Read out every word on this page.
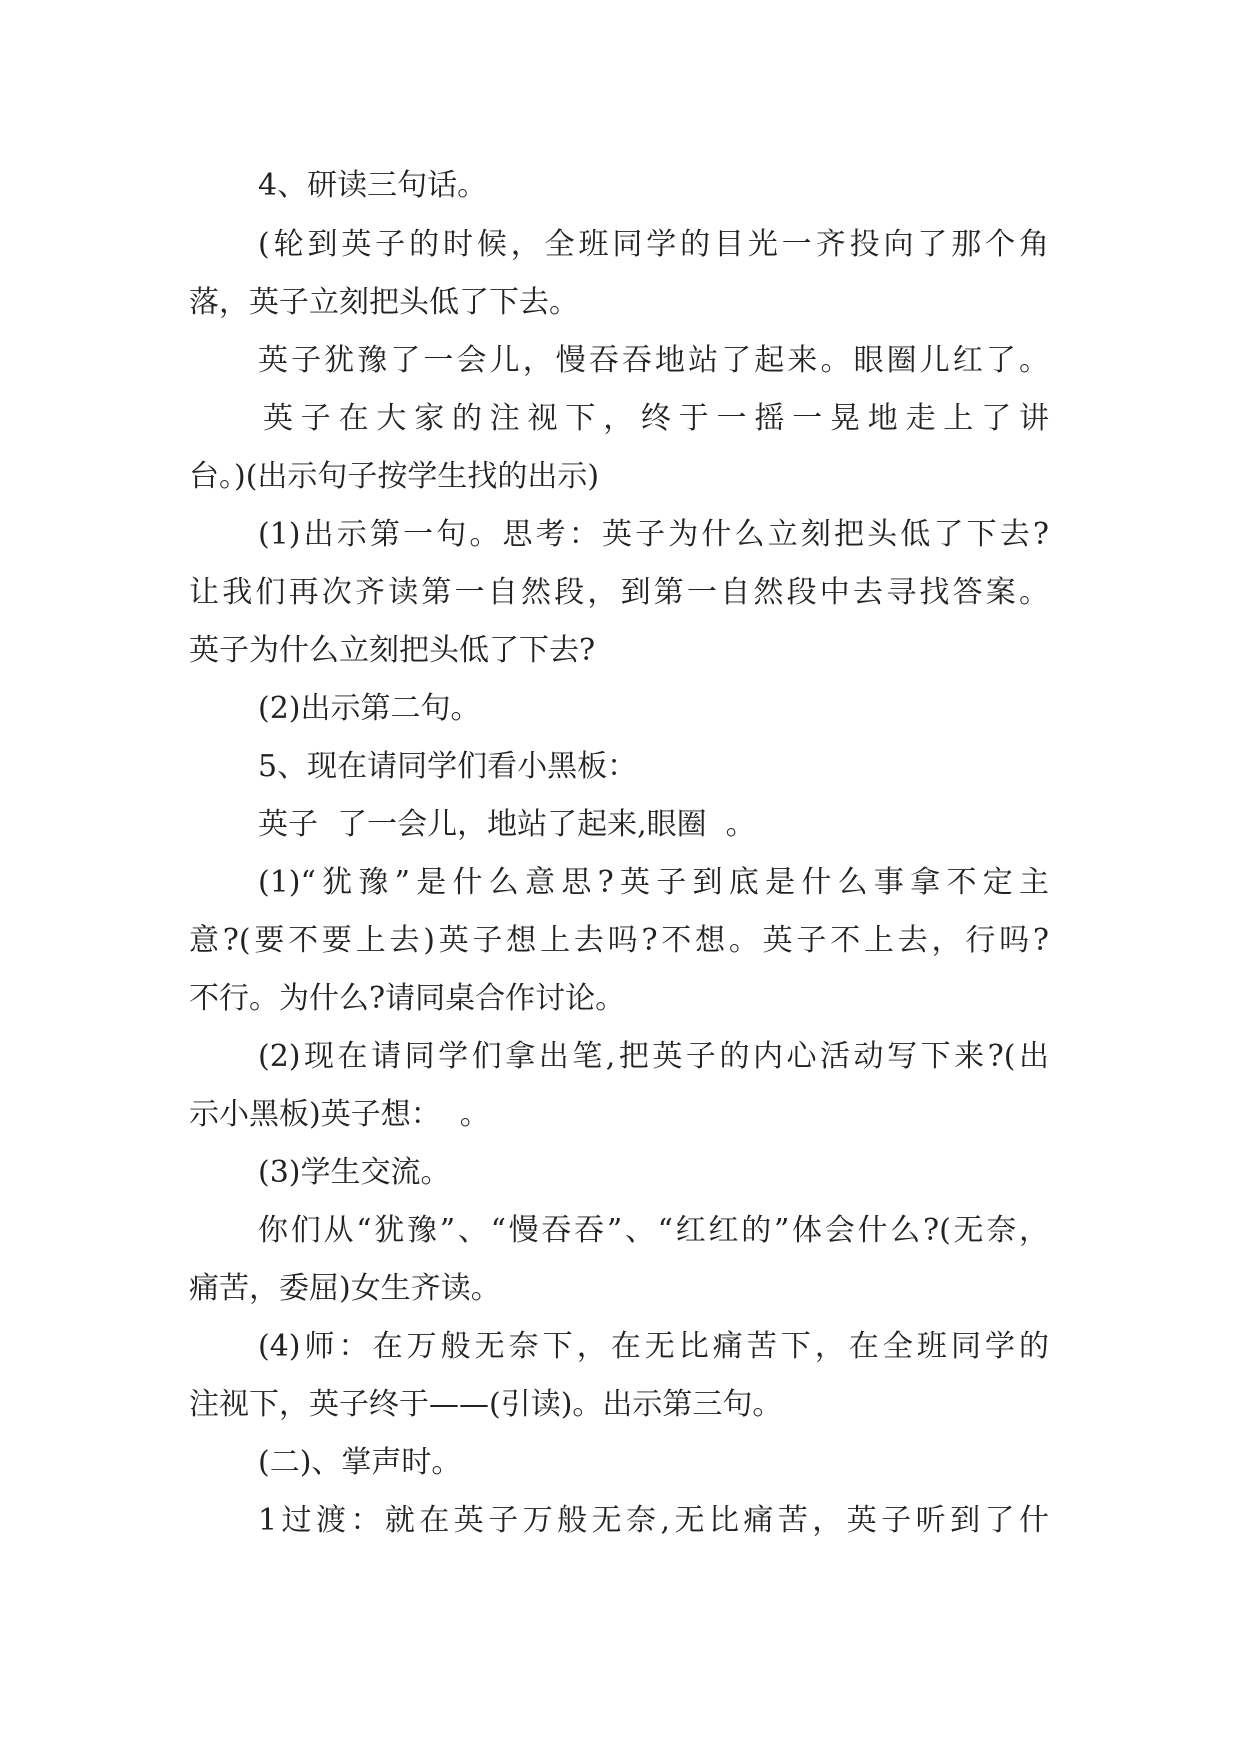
4、研读三句话。
(轮到英子的时候，全班同学的目光一齐投向了那个角
落，英子立刻把头低了下去。
英子犹豫了一会儿，慢吞吞地站了起来。眼圈儿红了。
英子在大家的注视下，终于一摇一晃地走上了讲
台。)(出示句子按学生找的出示)
(1)出示第一句。思考：英子为什么立刻把头低了下去?
让我们再次齐读第一自然段，到第一自然段中去寻找答案。
英子为什么立刻把头低了下去?
(2)出示第二句。
5、现在请同学们看小黑板：
英子  了一会儿，地站了起来,眼圈  。
(1)“犹豫”是什么意思?英子到底是什么事拿不定主
意?(要不要上去)英子想上去吗?不想。英子不上去，行吗?
不行。为什么?请同桌合作讨论。
(2)现在请同学们拿出笔,把英子的内心活动写下来?(出
示小黑板)英子想：  。
(3)学生交流。
你们从“犹豫”、“慢吞吞”、“红红的”体会什么?(无奈，
痛苦，委屈)女生齐读。
(4)师：在万般无奈下，在无比痛苦下，在全班同学的
注视下，英子终于——(引读)。出示第三句。
(二)、掌声时。
1过渡：就在英子万般无奈,无比痛苦，英子听到了什
